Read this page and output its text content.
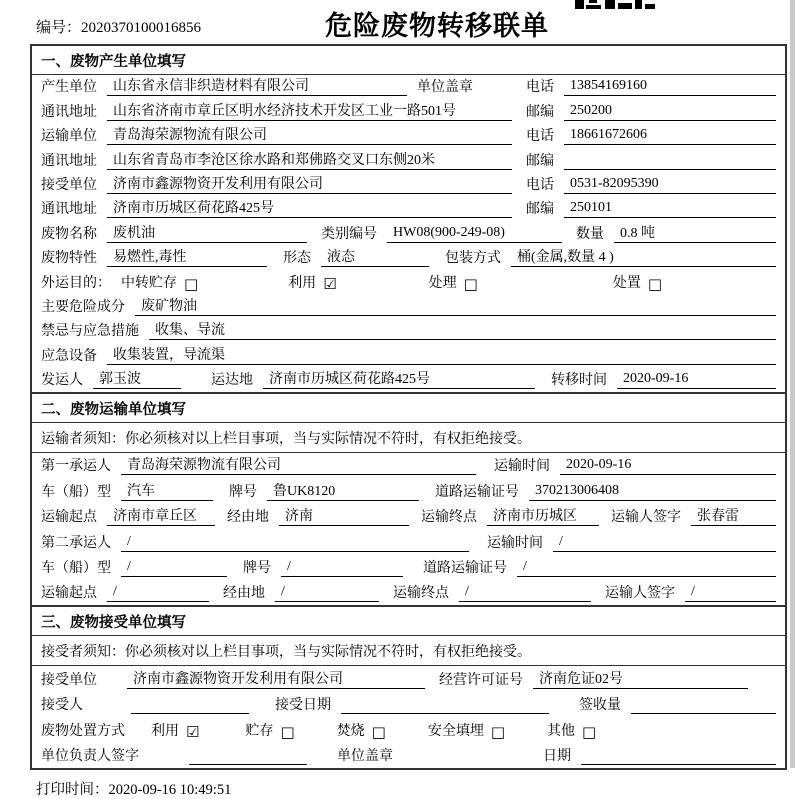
编号：2020370100016856	危险废物转移联单
一、废物产生单位填写
产生单位	山东省永信非织造材料有限公司	单位盖章	电话	13854169160
通讯地址	山东省济南市章丘区明水经济技术开发区工业一路501号	邮编	250200
运输单位	青岛海荣源物流有限公司	电话	18661672606
通讯地址	山东省青岛市李沧区徐水路和郑佛路交叉口东侧20米	邮编
接受单位	济南市鑫源物资开发利用有限公司	电话	0531-82095390
通讯地址	济南市历城区荷花路425号	邮编	250101
废物名称	废机油	类别编号	HW08(900-249-08)	数量	0.8 吨
废物特性	易燃性,毒性	形态	液态	包装方式	桶(金属,数量 4 )
外运目的： 中转贮存 □	利用 ☑	处理 □	处置 □
主要危险成分	废矿物油
禁忌与应急措施	收集、导流
应急设备	收集装置，导流渠
发运人	郭玉波	运达地	济南市历城区荷花路425号	转移时间	2020-09-16
二、废物运输单位填写
运输者须知：你必须核对以上栏目事项，当与实际情况不符时，有权拒绝接受。
第一承运人	青岛海荣源物流有限公司	运输时间	2020-09-16
车（船）型	汽车	牌号	鲁UK8120	道路运输证号	370213006408
运输起点	济南市章丘区	经由地	济南	运输终点	济南市历城区	运输人签字	张春雷
第二承运人	/	运输时间	/
车（船）型	/	牌号	/	道路运输证号	/
运输起点	/	经由地	/	运输终点	/	运输人签字	/
三、废物接受单位填写
接受者须知：你必须核对以上栏目事项，当与实际情况不符时，有权拒绝接受。
接受单位	济南市鑫源物资开发利用有限公司	经营许可证号	济南危证02号
接受人	接受日期	签收量
废物处置方式 利用 ☑	贮存 □	焚烧 □	安全填埋 □	其他 □
单位负责人签字	单位盖章	日期
打印时间：2020-09-16 10:49:51
